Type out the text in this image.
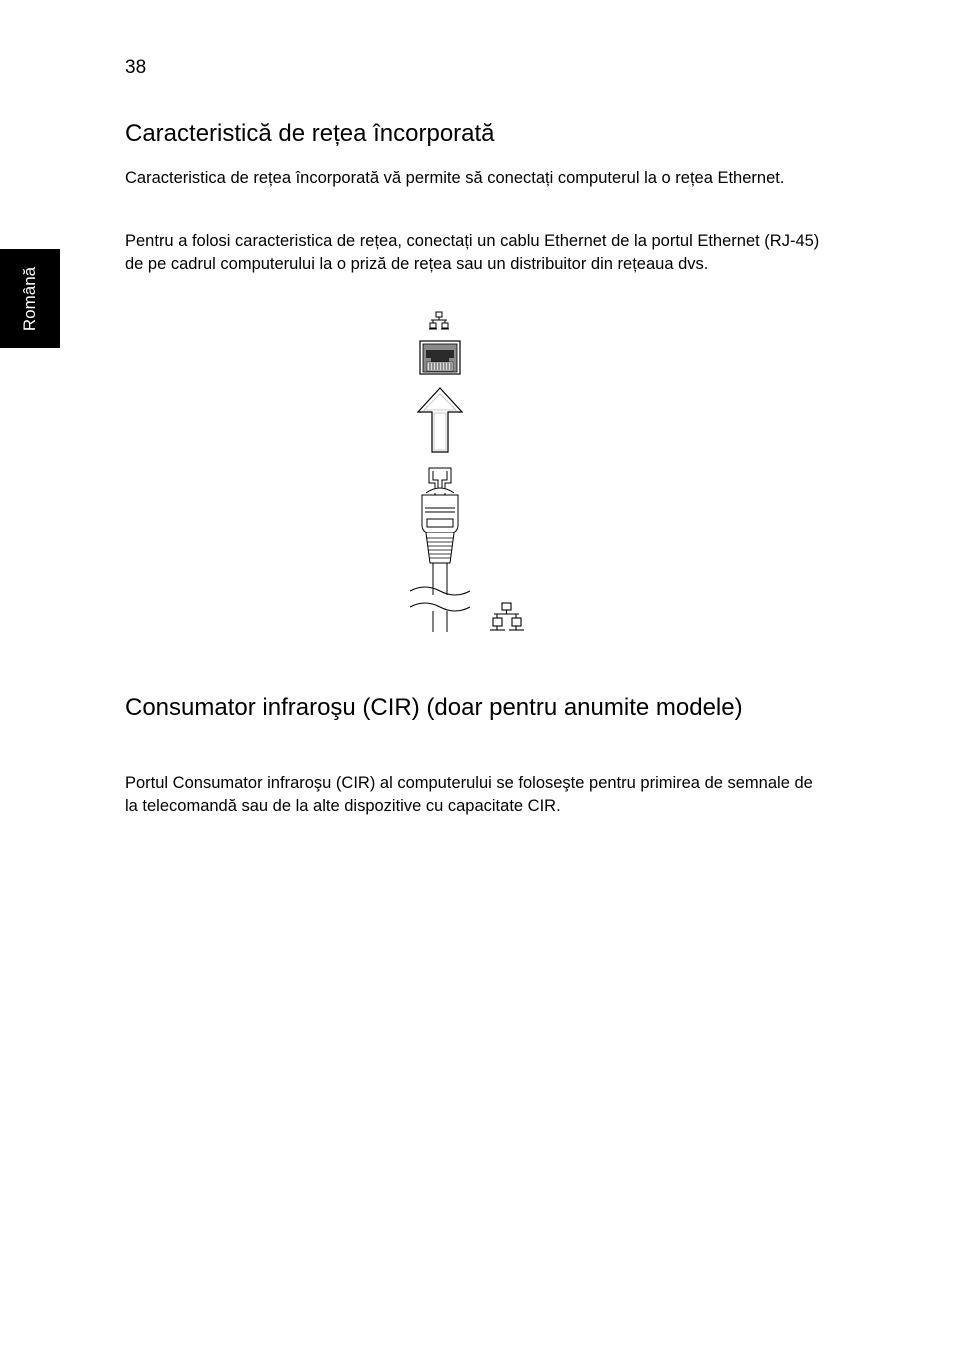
38
Română
Caracteristică de rețea încorporată

Caracteristica de rețea încorporată vă permite să conectați computerul la o rețea Ethernet.

Pentru a folosi caracteristica de rețea, conectați un cablu Ethernet de la portul Ethernet (RJ-45) de pe cadrul computerului la o priză de rețea sau un distribuitor din rețeaua dvs.

Consumator infraroşu (CIR) (doar pentru anumite modele)

Portul Consumator infraroşu (CIR) al computerului se foloseşte pentru primirea de semnale de la telecomandă sau de la alte dispozitive cu capacitate CIR.
